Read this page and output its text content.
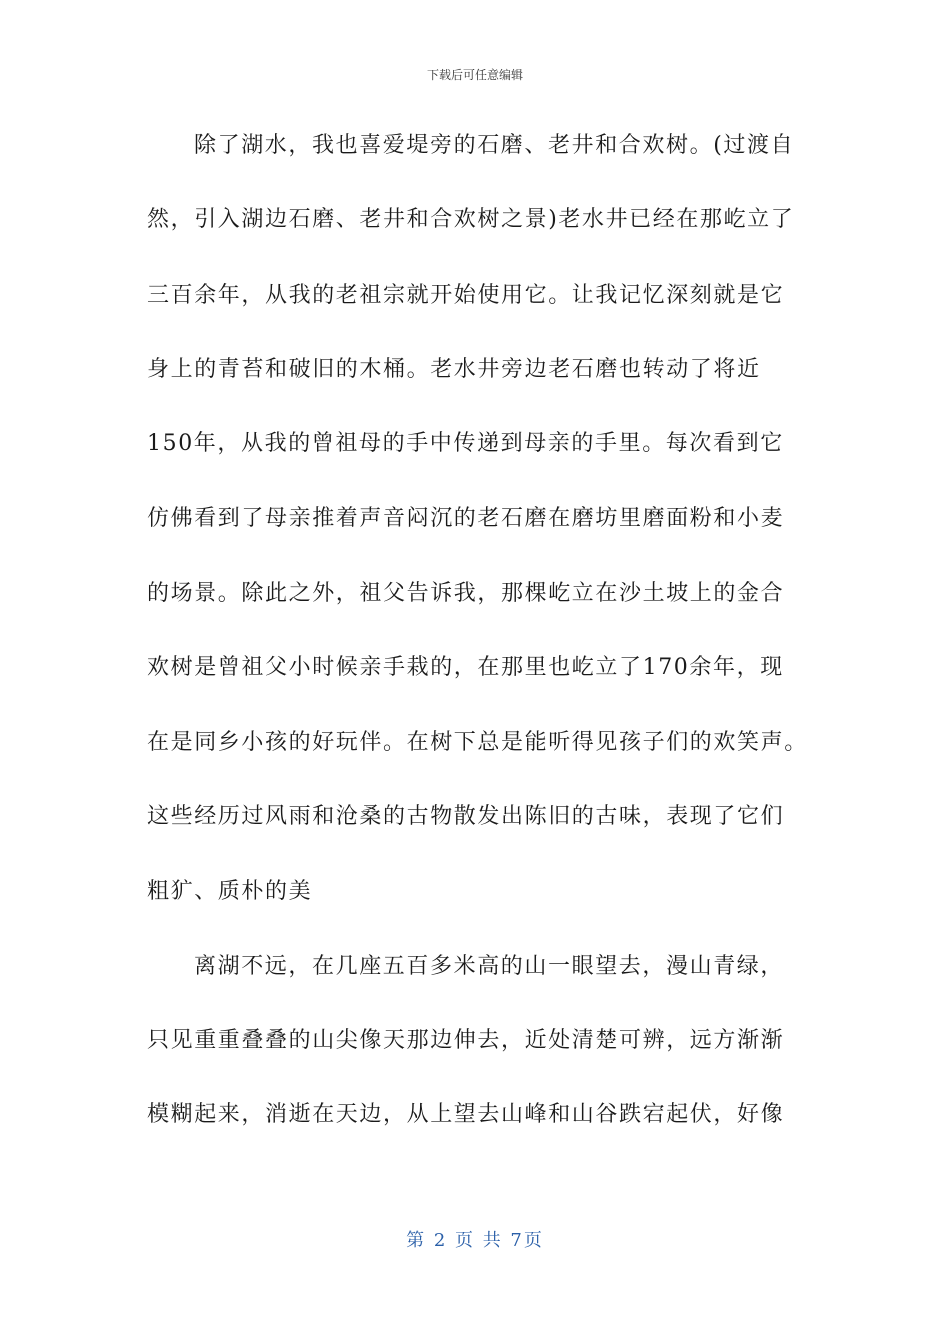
下载后可任意编辑
除了湖水，我也喜爱堤旁的石磨、老井和合欢树。(过渡自
然，引入湖边石磨、老井和合欢树之景)老水井已经在那屹立了
三百余年，从我的老祖宗就开始使用它。让我记忆深刻就是它
身上的青苔和破旧的木桶。老水井旁边老石磨也转动了将近
150年，从我的曾祖母的手中传递到母亲的手里。每次看到它
仿佛看到了母亲推着声音闷沉的老石磨在磨坊里磨面粉和小麦
的场景。除此之外，祖父告诉我，那棵屹立在沙土坡上的金合
欢树是曾祖父小时候亲手栽的，在那里也屹立了170余年，现
在是同乡小孩的好玩伴。在树下总是能听得见孩子们的欢笑声。
这些经历过风雨和沧桑的古物散发出陈旧的古味，表现了它们
粗犷、质朴的美
离湖不远，在几座五百多米高的山一眼望去，漫山青绿，
只见重重叠叠的山尖像天那边伸去，近处清楚可辨，远方渐渐
模糊起来，消逝在天边，从上望去山峰和山谷跌宕起伏，好像
第 2 页 共 7页
